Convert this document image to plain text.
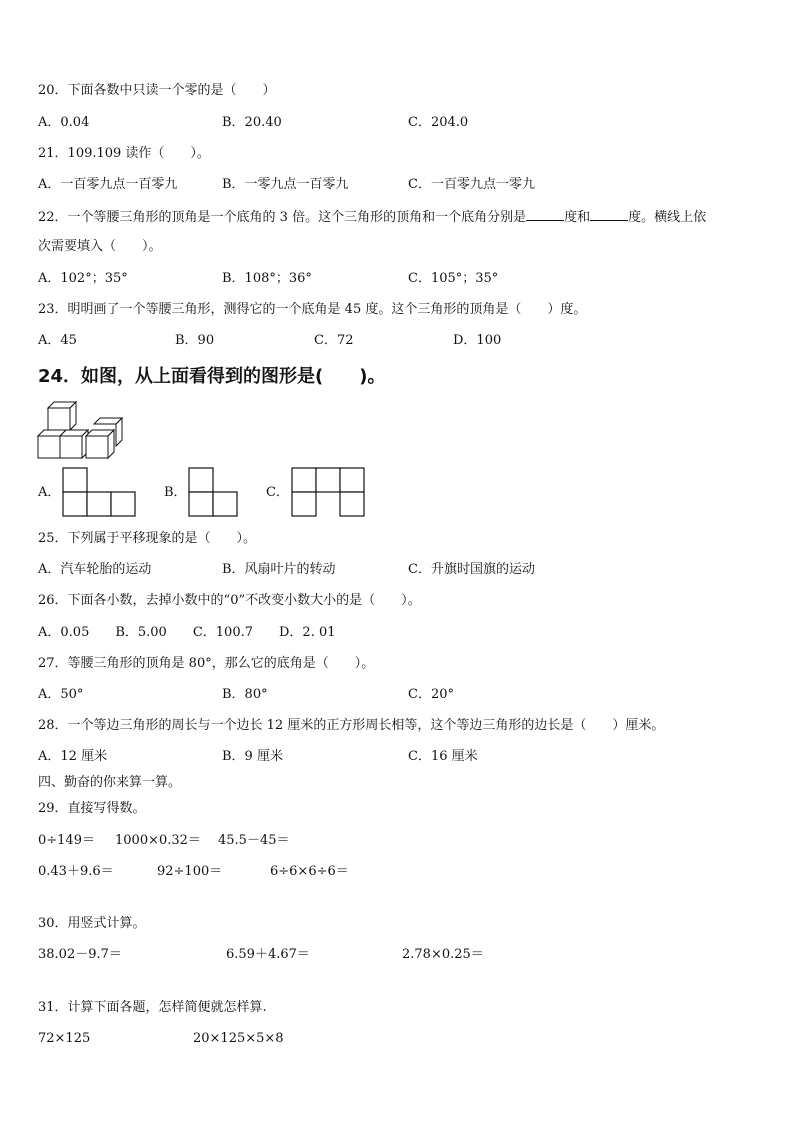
20．下面各数中只读一个零的是（　　）
A．0.04	B．20.40	C．204.0
21．109.109 读作（　　）。
A．一百零九点一百零九	B．一零九点一百零九	C．一百零九点一零九
22．一个等腰三角形的顶角是一个底角的 3 倍。这个三角形的顶角和一个底角分别是	度和	度。横线上依
次需要填入（　　）。
A．102°；35°	B．108°；36°	C．105°；35°
23．明明画了一个等腰三角形，测得它的一个底角是 45 度。这个三角形的顶角是（　　）度。
A．45	B．90	C．72	D．100
24．如图，从上面看得到的图形是(　　)。
A．	B．	C．
25．下列属于平移现象的是（　　）。
A．汽车轮胎的运动	B．风扇叶片的转动	C．升旗时国旗的运动
26．下面各小数，去掉小数中的“0”不改变小数大小的是（　　）。
A．0.05　　B．5.00　　C．100.7　　D．2. 01
27．等腰三角形的顶角是 80°，那么它的底角是（　　）。
A．50°	B．80°	C．20°
28．一个等边三角形的周长与一个边长 12 厘米的正方形周长相等，这个等边三角形的边长是（　　）厘米。
A．12 厘米	B．9 厘米	C．16 厘米
四、勤奋的你来算一算。
29．直接写得数。
0÷149＝ 1000×0.32＝ 45.5－45＝
0.43＋9.6＝	92÷100＝	6÷6×6÷6＝
30．用竖式计算。
38.02－9.7＝	6.59＋4.67＝	2.78×0.25＝
31．计算下面各题，怎样简便就怎样算.
72×125	20×125×5×8
